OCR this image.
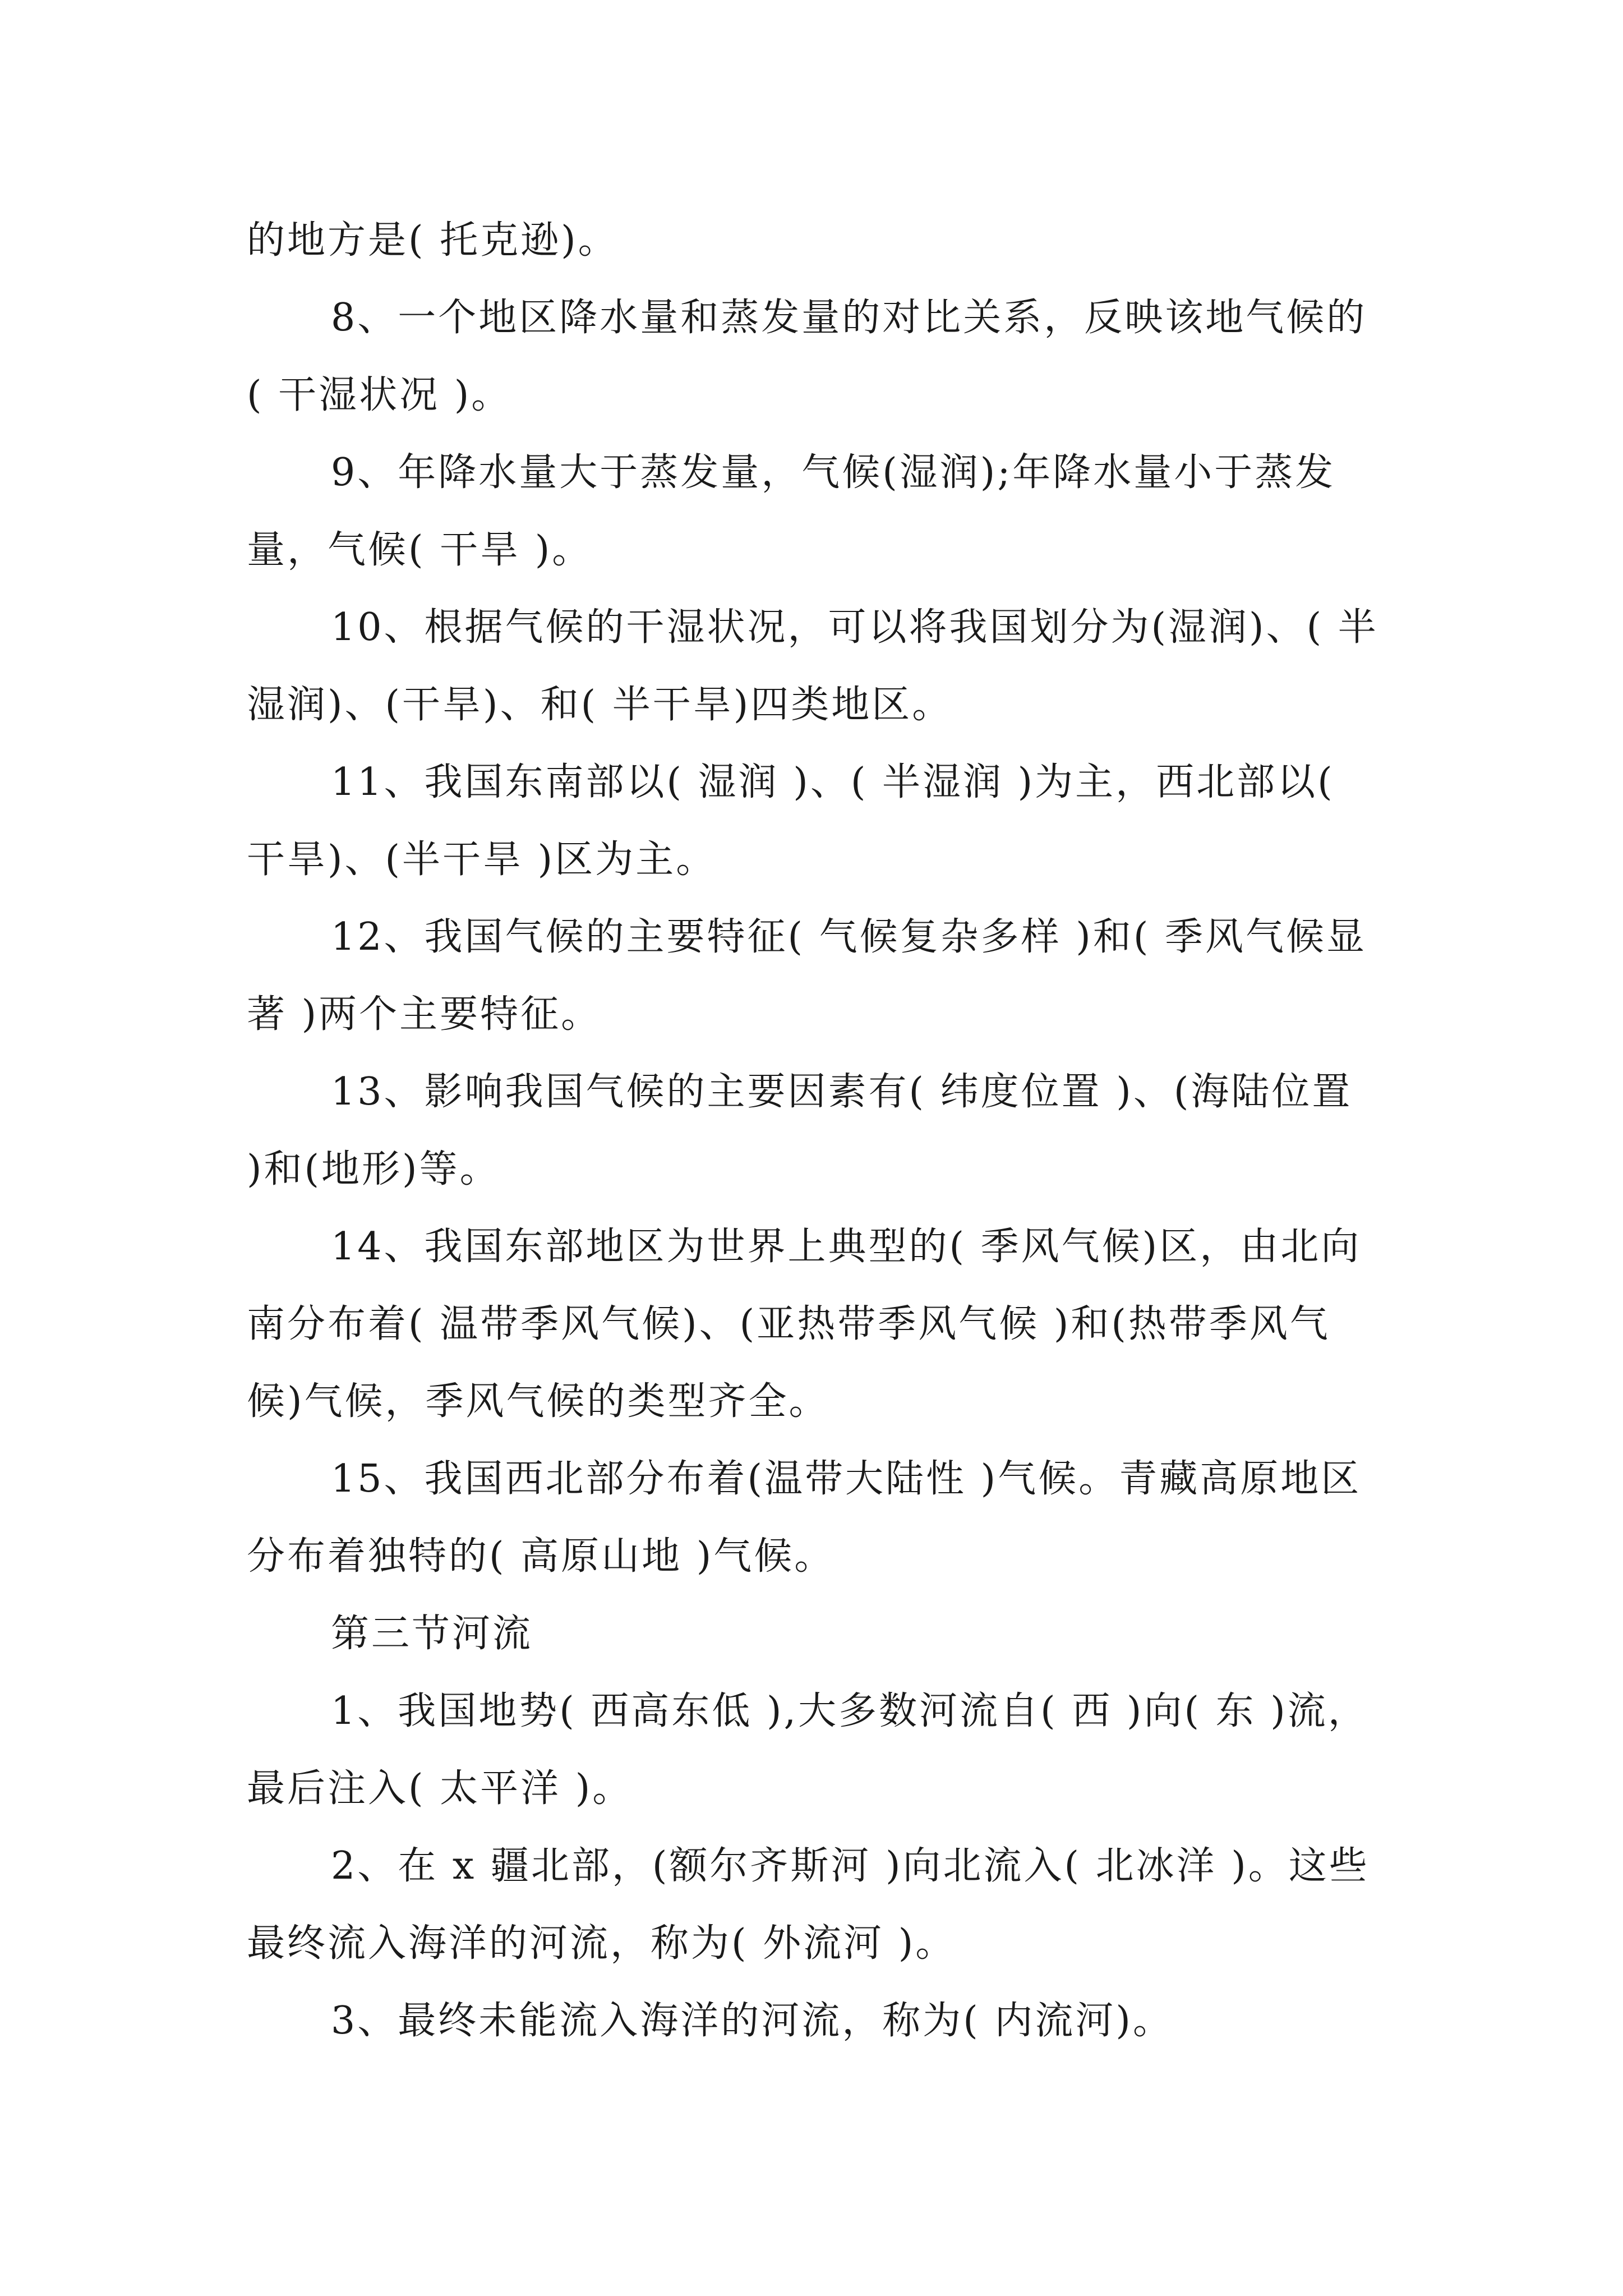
的地方是( 托克逊)。

8、一个地区降水量和蒸发量的对比关系，反映该地气候的( 干湿状况 )。

9、年降水量大于蒸发量，气候(湿润);年降水量小于蒸发量，气候( 干旱 )。

10、根据气候的干湿状况，可以将我国划分为(湿润)、( 半湿润)、(干旱)、和( 半干旱)四类地区。

11、我国东南部以( 湿润 )、( 半湿润 )为主，西北部以( 干旱)、(半干旱 )区为主。

12、我国气候的主要特征( 气候复杂多样 )和( 季风气候显著 )两个主要特征。

13、影响我国气候的主要因素有( 纬度位置 )、(海陆位置 )和(地形)等。

14、我国东部地区为世界上典型的( 季风气候)区，由北向南分布着( 温带季风气候)、(亚热带季风气候 )和(热带季风气候)气候，季风气候的类型齐全。

15、我国西北部分布着(温带大陆性 )气候。青藏高原地区分布着独特的( 高原山地 )气候。

第三节河流

1、我国地势( 西高东低 ),大多数河流自( 西 )向( 东 )流，最后注入( 太平洋 )。

2、在 x 疆北部，(额尔齐斯河 )向北流入( 北冰洋 )。这些最终流入海洋的河流，称为( 外流河 )。

3、最终未能流入海洋的河流，称为( 内流河)。
